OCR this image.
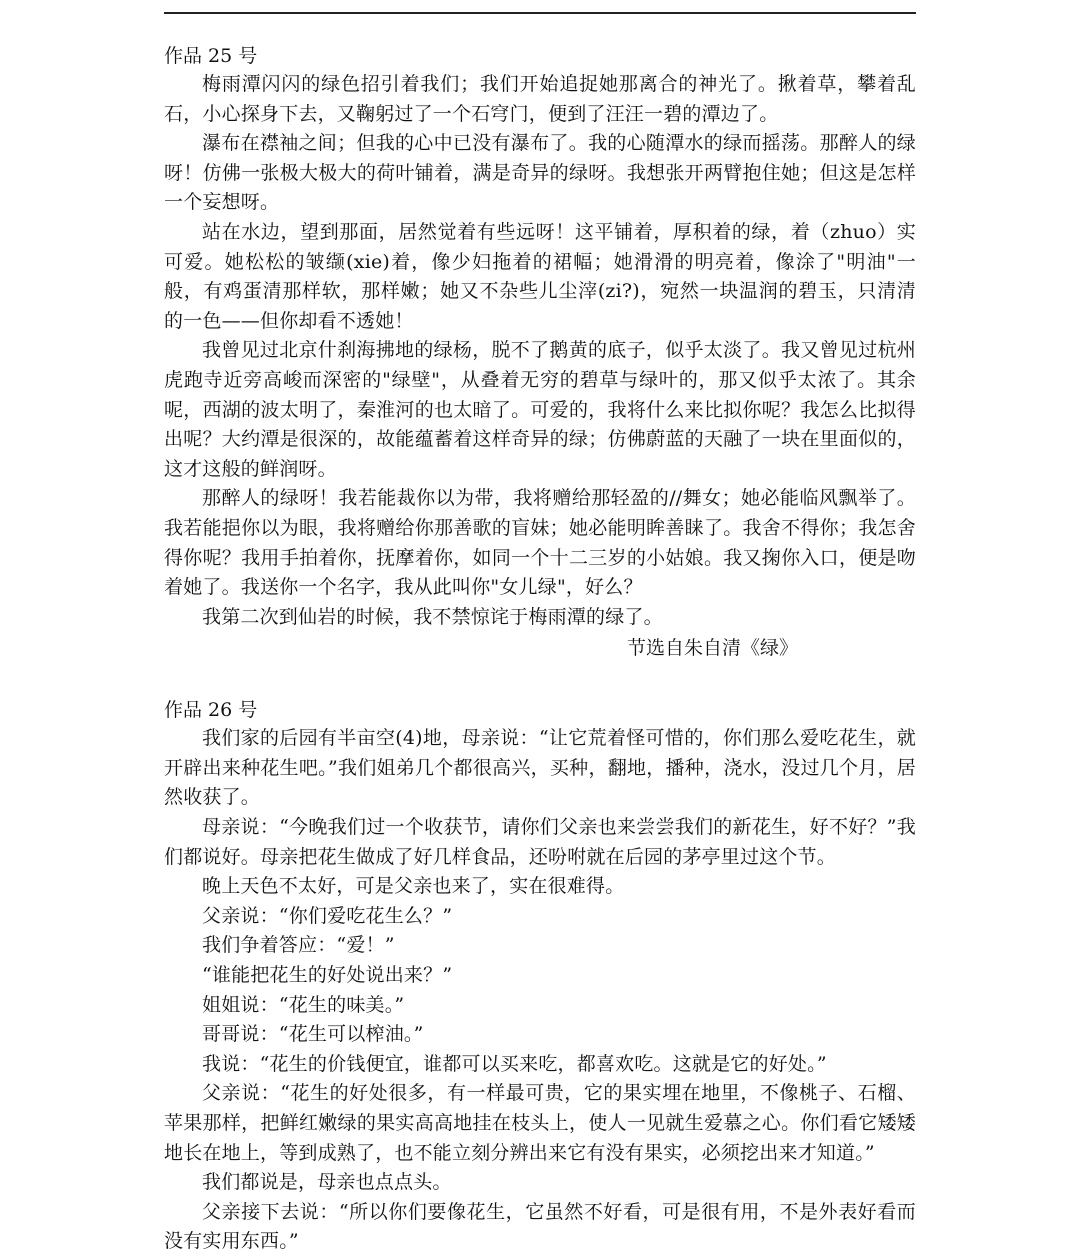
作品 25 号

梅雨潭闪闪的绿色招引着我们；我们开始追捉她那离合的神光了。揪着草，攀着乱石，小心探身下去，又鞠躬过了一个石穹门，便到了汪汪一碧的潭边了。

瀑布在襟袖之间；但我的心中已没有瀑布了。我的心随潭水的绿而摇荡。那醉人的绿呀！仿佛一张极大极大的荷叶铺着，满是奇异的绿呀。我想张开两臂抱住她；但这是怎样一个妄想呀。

站在水边，望到那面，居然觉着有些远呀！这平铺着，厚积着的绿，着（zhuo）实可爱。她松松的皱缬(xie)着，像少妇拖着的裙幅；她滑滑的明亮着，像涂了"明油"一般，有鸡蛋清那样软，那样嫩；她又不杂些儿尘滓(zi?)，宛然一块温润的碧玉，只清清的一色——但你却看不透她！

我曾见过北京什刹海拂地的绿杨，脱不了鹅黄的底子，似乎太淡了。我又曾见过杭州虎跑寺近旁高峻而深密的"绿壁"，从叠着无穷的碧草与绿叶的，那又似乎太浓了。其余呢，西湖的波太明了，秦淮河的也太暗了。可爱的，我将什么来比拟你呢？我怎么比拟得出呢？大约潭是很深的，故能蕴蓄着这样奇异的绿；仿佛蔚蓝的天融了一块在里面似的，这才这般的鲜润呀。

那醉人的绿呀！我若能裁你以为带，我将赠给那轻盈的//舞女；她必能临风飘举了。我若能挹你以为眼，我将赠给你那善歌的盲妹；她必能明眸善睐了。我舍不得你；我怎舍得你呢？我用手拍着你，抚摩着你，如同一个十二三岁的小姑娘。我又掬你入口，便是吻着她了。我送你一个名字，我从此叫你"女儿绿"，好么？

我第二次到仙岩的时候，我不禁惊诧于梅雨潭的绿了。

节选自朱自清《绿》

作品 26 号

我们家的后园有半亩空(4)地，母亲说：“让它荒着怪可惜的，你们那么爱吃花生，就开辟出来种花生吧。”我们姐弟几个都很高兴，买种，翻地，播种，浇水，没过几个月，居然收获了。

母亲说：“今晚我们过一个收获节，请你们父亲也来尝尝我们的新花生，好不好？”我们都说好。母亲把花生做成了好几样食品，还吩咐就在后园的茅亭里过这个节。

晚上天色不太好，可是父亲也来了，实在很难得。

父亲说：“你们爱吃花生么？”

我们争着答应：“爱！”

“谁能把花生的好处说出来？”

姐姐说：“花生的味美。”

哥哥说：“花生可以榨油。”

我说：“花生的价钱便宜，谁都可以买来吃，都喜欢吃。这就是它的好处。”

父亲说：“花生的好处很多，有一样最可贵，它的果实埋在地里，不像桃子、石榴、苹果那样，把鲜红嫩绿的果实高高地挂在枝头上，使人一见就生爱慕之心。你们看它矮矮地长在地上，等到成熟了，也不能立刻分辨出来它有没有果实，必须挖出来才知道。”

我们都说是，母亲也点点头。

父亲接下去说：“所以你们要像花生，它虽然不好看，可是很有用，不是外表好看而没有实用东西。”
